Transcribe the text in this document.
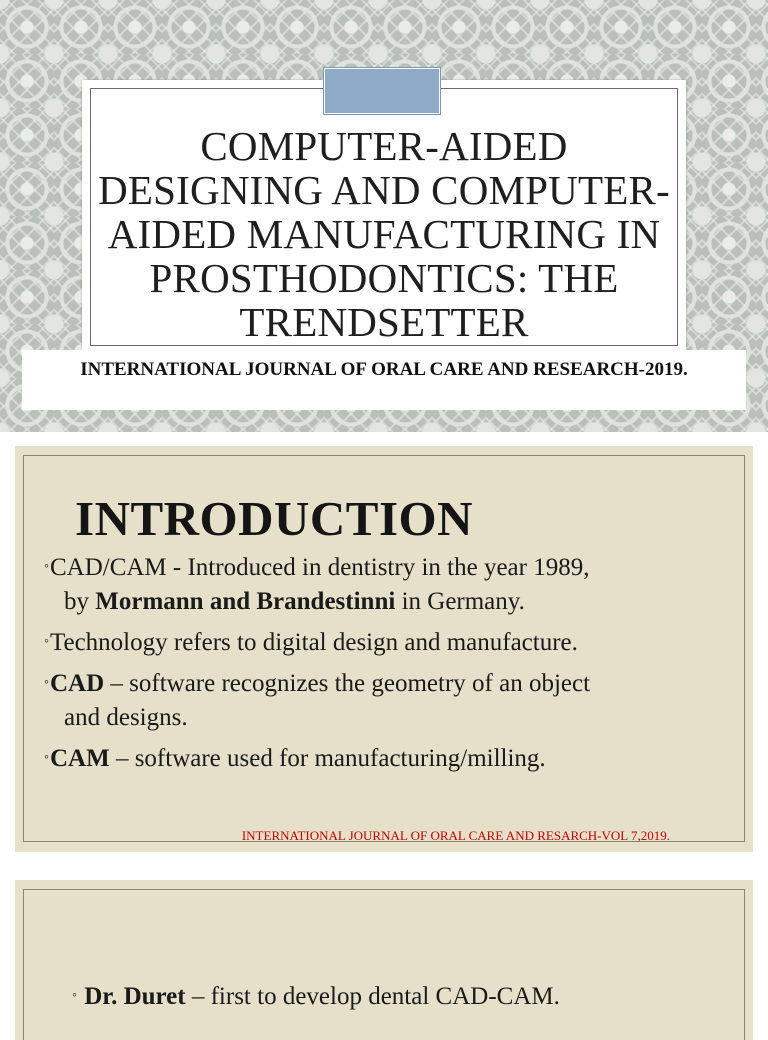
COMPUTER-AIDED DESIGNING AND COMPUTER-AIDED MANUFACTURING IN PROSTHODONTICS: THE TRENDSETTER
INTERNATIONAL JOURNAL OF ORAL CARE AND RESEARCH-2019.
INTRODUCTION
◦CAD/CAM - Introduced in dentistry in the year 1989,
by Mormann and Brandestinni in Germany.
◦Technology refers to digital design and manufacture.
◦CAD – software recognizes the geometry of an object
and designs.
◦CAM – software used for manufacturing/milling.
INTERNATIONAL JOURNAL OF ORAL CARE AND RESARCH-VOL 7,2019.
◦ Dr. Duret – first to develop dental CAD-CAM.
